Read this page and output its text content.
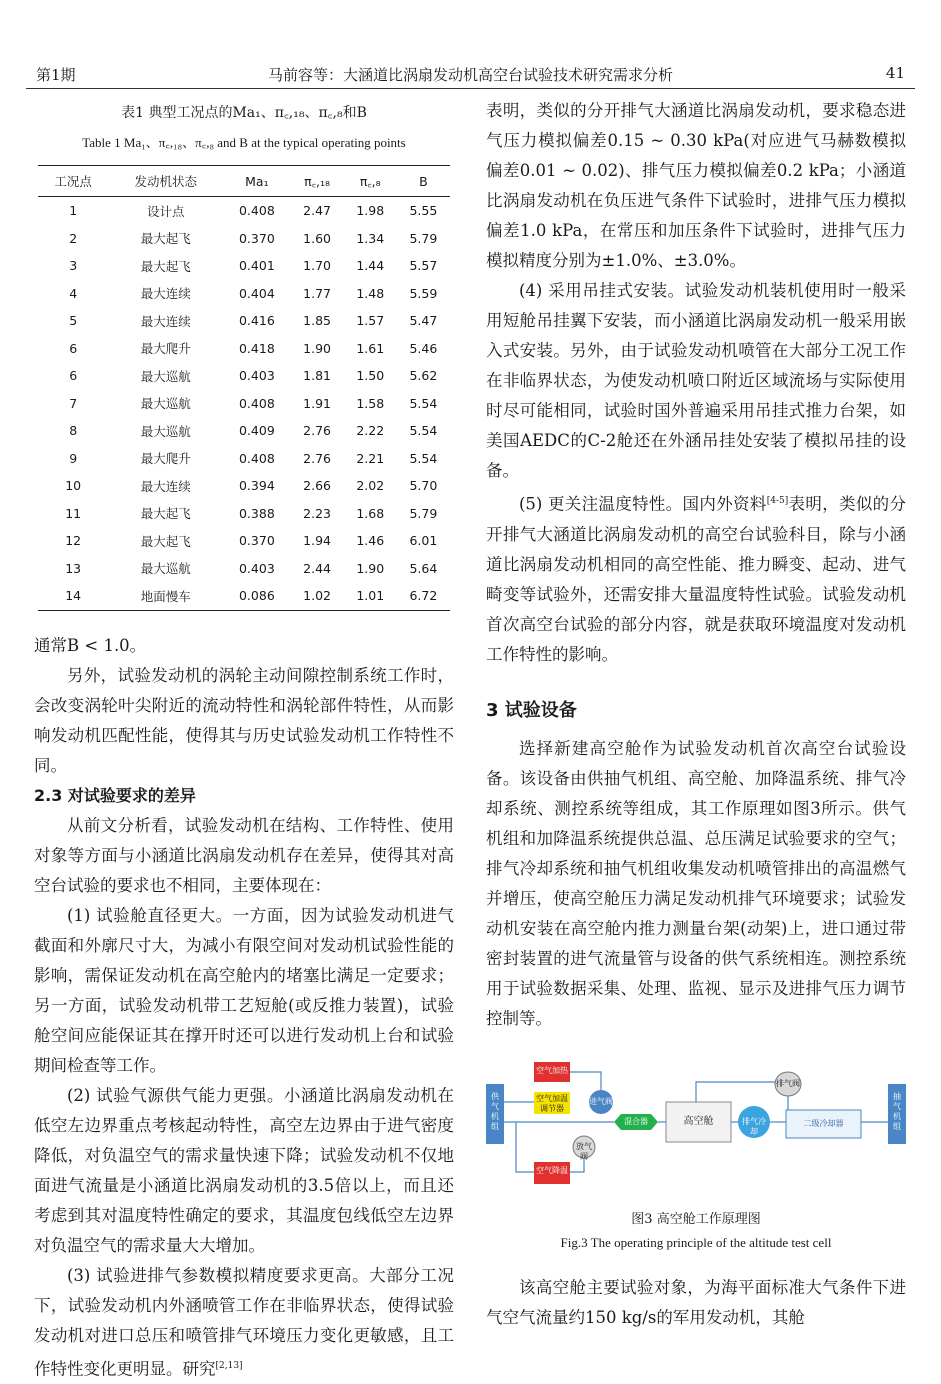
第1期	马前容等：大涵道比涡扇发动机高空台试验技术研究需求分析	41
表1 典型工况点的Ma₁、π꜀,₁₈、π꜀,₈和B
Table 1 Ma₁、π꜀,₁₈、π꜀,₈ and B at the typical operating points
工况点	发动机状态	Ma₁	π꜀,₁₈	π꜀,₈	B
1	设计点	0.408	2.47	1.98	5.55
2	最大起飞	0.370	1.60	1.34	5.79
3	最大起飞	0.401	1.70	1.44	5.57
4	最大连续	0.404	1.77	1.48	5.59
5	最大连续	0.416	1.85	1.57	5.47
6	最大爬升	0.418	1.90	1.61	5.46
6	最大巡航	0.403	1.81	1.50	5.62
7	最大巡航	0.408	1.91	1.58	5.54
8	最大巡航	0.409	2.76	2.22	5.54
9	最大爬升	0.408	2.76	2.21	5.54
10	最大连续	0.394	2.66	2.02	5.70
11	最大起飞	0.388	2.23	1.68	5.79
12	最大起飞	0.370	1.94	1.46	6.01
13	最大巡航	0.403	2.44	1.90	5.64
14	地面慢车	0.086	1.02	1.01	6.72

通常B < 1.0。

另外，试验发动机的涡轮主动间隙控制系统工作时，会改变涡轮叶尖附近的流动特性和涡轮部件特性，从而影响发动机匹配性能，使得其与历史试验发动机工作特性不同。

2.3 对试验要求的差异

从前文分析看，试验发动机在结构、工作特性、使用对象等方面与小涵道比涡扇发动机存在差异，使得其对高空台试验的要求也不相同，主要体现在：

(1) 试验舱直径更大。一方面，因为试验发动机进气截面和外廓尺寸大，为减小有限空间对发动机试验性能的影响，需保证发动机在高空舱内的堵塞比满足一定要求；另一方面，试验发动机带工艺短舱(或反推力装置)，试验舱空间应能保证其在撑开时还可以进行发动机上台和试验期间检查等工作。

(2) 试验气源供气能力更强。小涵道比涡扇发动机在低空左边界重点考核起动特性，高空左边界由于进气密度降低，对负温空气的需求量快速下降；试验发动机不仅地面进气流量是小涵道比涡扇发动机的3.5倍以上，而且还考虑到其对温度特性确定的要求，其温度包线低空左边界对负温空气的需求量大大增加。

(3) 试验进排气参数模拟精度要求更高。大部分工况下，试验发动机内外涵喷管工作在非临界状态，使得试验发动机对进口总压和喷管排气环境压力变化更敏感，且工作特性变化更明显。研究[2,13]

表明，类似的分开排气大涵道比涡扇发动机，要求稳态进气压力模拟偏差0.15 ~ 0.30 kPa(对应进气马赫数模拟偏差0.01 ~ 0.02)、排气压力模拟偏差0.2 kPa；小涵道比涡扇发动机在负压进气条件下试验时，进排气压力模拟偏差1.0 kPa，在常压和加压条件下试验时，进排气压力模拟精度分别为±1.0%、±3.0%。

(4) 采用吊挂式安装。试验发动机装机使用时一般采用短舱吊挂翼下安装，而小涵道比涡扇发动机一般采用嵌入式安装。另外，由于试验发动机喷管在大部分工况工作在非临界状态，为使发动机喷口附近区域流场与实际使用时尽可能相同，试验时国外普遍采用吊挂式推力台架，如美国AEDC的C-2舱还在外涵吊挂处安装了模拟吊挂的设备。

(5) 更关注温度特性。国内外资料[4-5]表明，类似的分开排气大涵道比涡扇发动机的高空台试验科目，除与小涵道比涡扇发动机相同的高空性能、推力瞬变、起动、进气畸变等试验外，还需安排大量温度特性试验。试验发动机首次高空台试验的部分内容，就是获取环境温度对发动机工作特性的影响。

3 试验设备

选择新建高空舱作为试验发动机首次高空台试验设备。该设备由供抽气机组、高空舱、加降温系统、排气冷却系统、测控系统等组成，其工作原理如图3所示。供气机组和加降温系统提供总温、总压满足试验要求的空气；排气冷却系统和抽气机组收集发动机喷管排出的高温燃气并增压，使高空舱压力满足发动机排气环境要求；试验发动机安装在高空舱内推力测量台架(动架)上，进口通过带密封装置的进气流量管与设备的供气系统相连。测控系统用于试验数据采集、处理、监视、显示及进排气压力调节控制等。

供气机组
抽气机组
空气加热
空气加温调节器
空气降温
进气阀
放气阀
混合器	高空舱	排气冷却
排气阀
二级冷却器
图3 高空舱工作原理图
Fig.3 The operating principle of the altitude test cell

该高空舱主要试验对象，为海平面标准大气条件下进气空气流量约150 kg/s的军用发动机，其舱
